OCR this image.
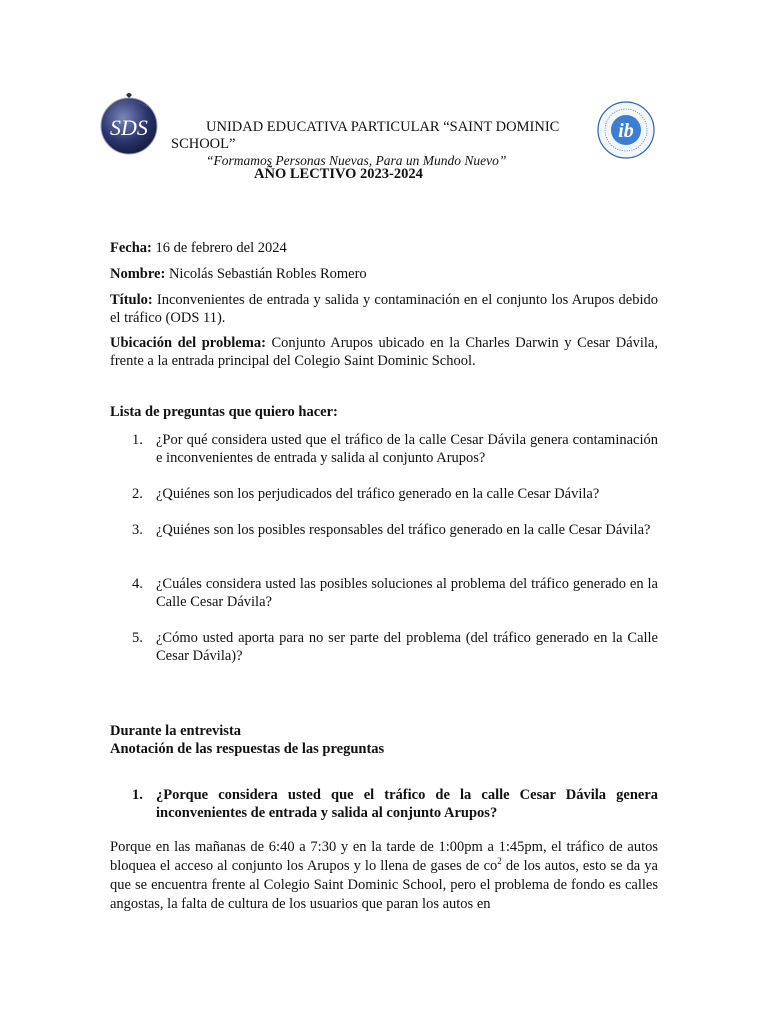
SDS	ib
UNIDAD EDUCATIVA PARTICULAR “SAINT DOMINIC
SCHOOL”
“Formamos Personas Nuevas, Para un Mundo Nuevo”
AÑO LECTIVO 2023-2024
Fecha: 16 de febrero del 2024
Nombre: Nicolás Sebastián Robles Romero
Título: Inconvenientes de entrada y salida y contaminación en el conjunto los Arupos debido el tráfico (ODS 11).
Ubicación del problema: Conjunto Arupos ubicado en la Charles Darwin y Cesar Dávila, frente a la entrada principal del Colegio Saint Dominic School.
Lista de preguntas que quiero hacer:
1. ¿Por qué considera usted que el tráfico de la calle Cesar Dávila genera contaminación e inconvenientes de entrada y salida al conjunto Arupos?
2. ¿Quiénes son los perjudicados del tráfico generado en la calle Cesar Dávila?
3. ¿Quiénes son los posibles responsables del tráfico generado en la calle Cesar Dávila?
4. ¿Cuáles considera usted las posibles soluciones al problema del tráfico generado en la Calle Cesar Dávila?
5. ¿Cómo usted aporta para no ser parte del problema (del tráfico generado en la Calle Cesar Dávila)?
Durante la entrevista
Anotación de las respuestas de las preguntas
1. ¿Porque considera usted que el tráfico de la calle Cesar Dávila genera inconvenientes de entrada y salida al conjunto Arupos?
Porque en las mañanas de 6:40 a 7:30 y en la tarde de 1:00pm a 1:45pm, el tráfico de autos bloquea el acceso al conjunto los Arupos y lo llena de gases de $co^2$ de los autos, esto se da ya que se encuentra frente al Colegio Saint Dominic School, pero el problema de fondo es calles angostas, la falta de cultura de los usuarios que paran los autos en
